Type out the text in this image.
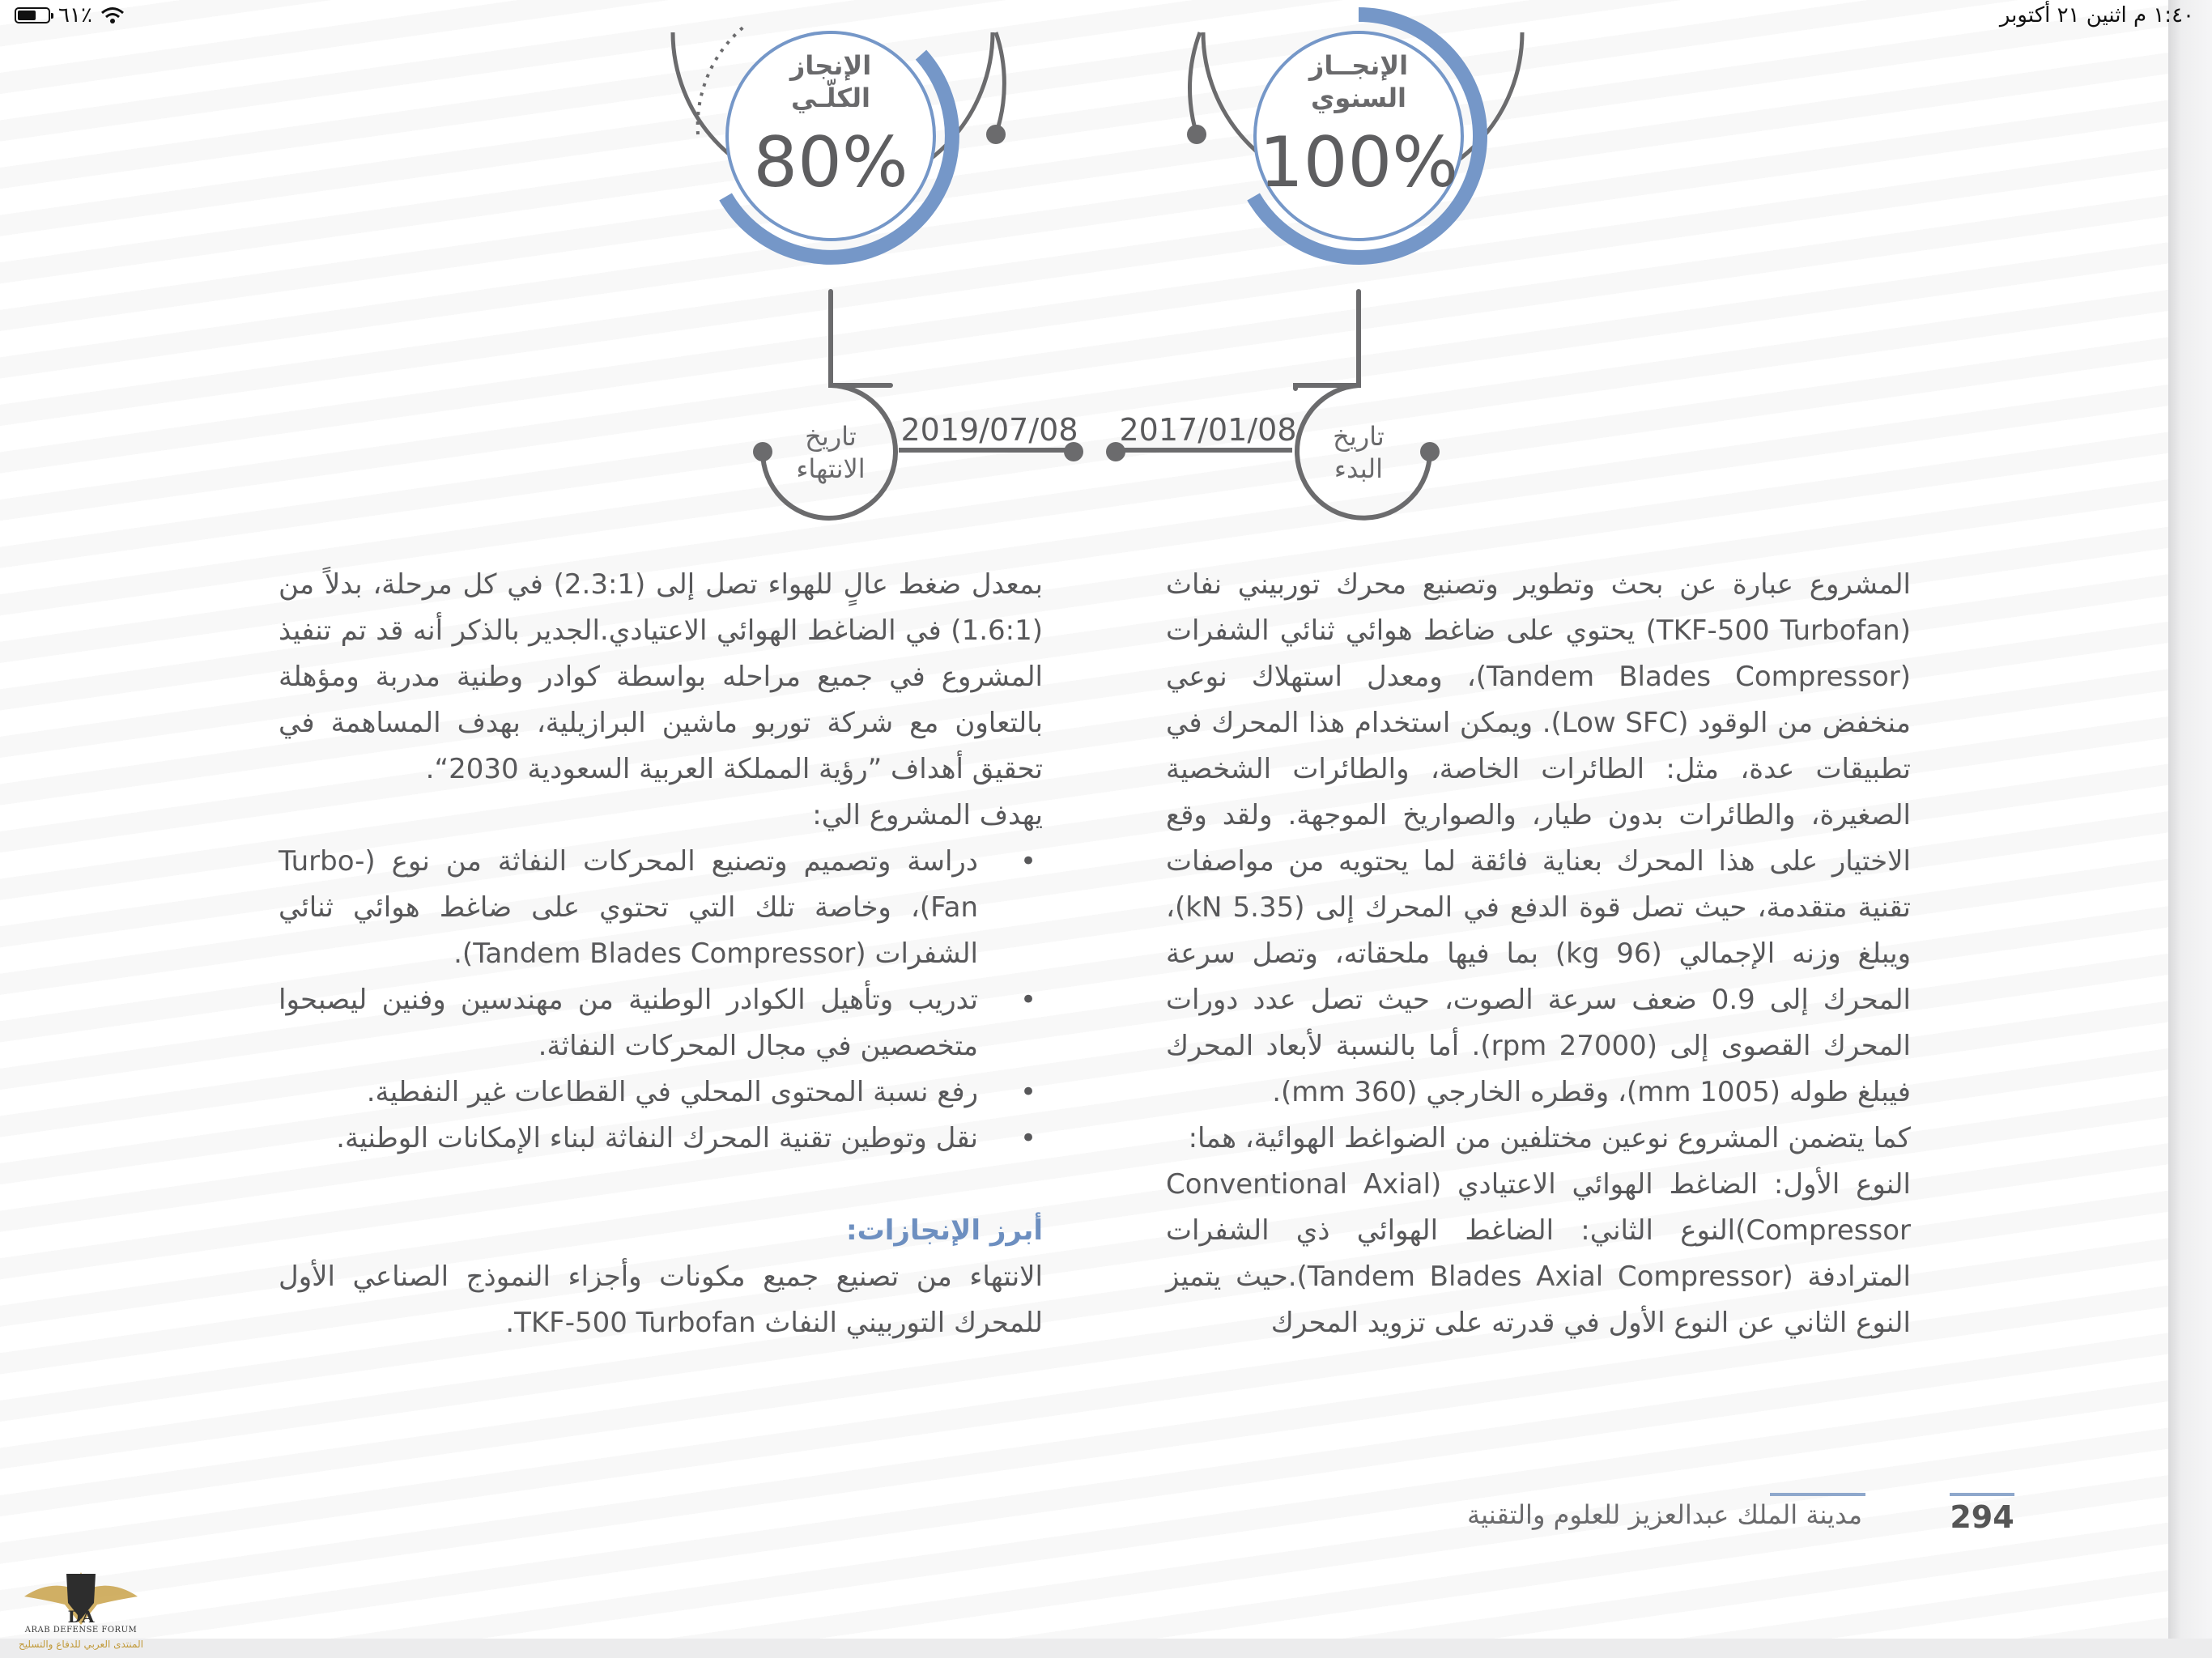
٦١٪	١:٤٠ م اثنين ٢١ أكتوبر
الإنجاز
الكلّـي
80%
الإنجــاز
السنوي
100%
تاريخ
البدء
2017/01/08
تاريخ
الانتهاء
2019/07/08

المشروع عبارة عن بحث وتطوير وتصنيع محرك توربيني نفاث (TKF-500 Turbofan) يحتوي على ضاغط هوائي ثنائي الشفرات (Tandem Blades Compressor)، ومعدل استهلاك نوعي منخفض من الوقود (Low SFC). ويمكن استخدام هذا المحرك في تطبيقات عدة، مثل: الطائرات الخاصة، والطائرات الشخصية الصغيرة، والطائرات بدون طيار، والصواريخ الموجهة. ولقد وقع الاختيار على هذا المحرك بعناية فائقة لما يحتويه من مواصفات تقنية متقدمة، حيث تصل قوة الدفع في المحرك إلى (kN 5.35)، ويبلغ وزنه الإجمالي (kg 96) بما فيها ملحقاته، وتصل سرعة المحرك إلى 0.9 ضعف سرعة الصوت، حيث تصل عدد دورات المحرك القصوى إلى (rpm 27000). أما بالنسبة لأبعاد المحرك فيبلغ طوله (mm 1005)، وقطره الخارجي (mm 360).

كما يتضمن المشروع نوعين مختلفين من الضواغط الهوائية، هما:

النوع الأول: الضاغط الهوائي الاعتيادي (Conventional Axial Compressor)النوع الثاني: الضاغط الهوائي ذي الشفرات المترادفة (Tandem Blades Axial Compressor).حيث يتميز النوع الثاني عن النوع الأول في قدرته على تزويد المحرك

بمعدل ضغط عالٍ للهواء تصل إلى (2.3:1) في كل مرحلة، بدلاً من (1.6:1) في الضاغط الهوائي الاعتيادي.الجدير بالذكر أنه قد تم تنفيذ المشروع في جميع مراحله بواسطة كوادر وطنية مدربة ومؤهلة بالتعاون مع شركة توربو ماشين البرازيلية، بهدف المساهمة في تحقيق أهداف ”رؤية المملكة العربية السعودية 2030“.

يهدف المشروع الي:

•
دراسة وتصميم وتصنيع المحركات النفاثة من نوع (Turbo-Fan)، وخاصة تلك التي تحتوي على ضاغط هوائي ثنائي الشفرات (Tandem Blades Compressor).
•
تدريب وتأهيل الكوادر الوطنية من مهندسين وفنين ليصبحوا متخصصين في مجال المحركات النفاثة.
•
رفع نسبة المحتوى المحلي في القطاعات غير النفطية.
•
نقل وتوطين تقنية المحرك النفاثة لبناء الإمكانات الوطنية.

أبرز الإنجازات:

الانتهاء من تصنيع جميع مكونات وأجزاء النموذج الصناعي الأول للمحرك التوربيني النفاث TKF-500 Turbofan.

مدينة الملك عبدالعزيز للعلوم والتقنية	294
DA
ARAB DEFENSE FORUM
المنتدى العربي للدفاع والتسليح
